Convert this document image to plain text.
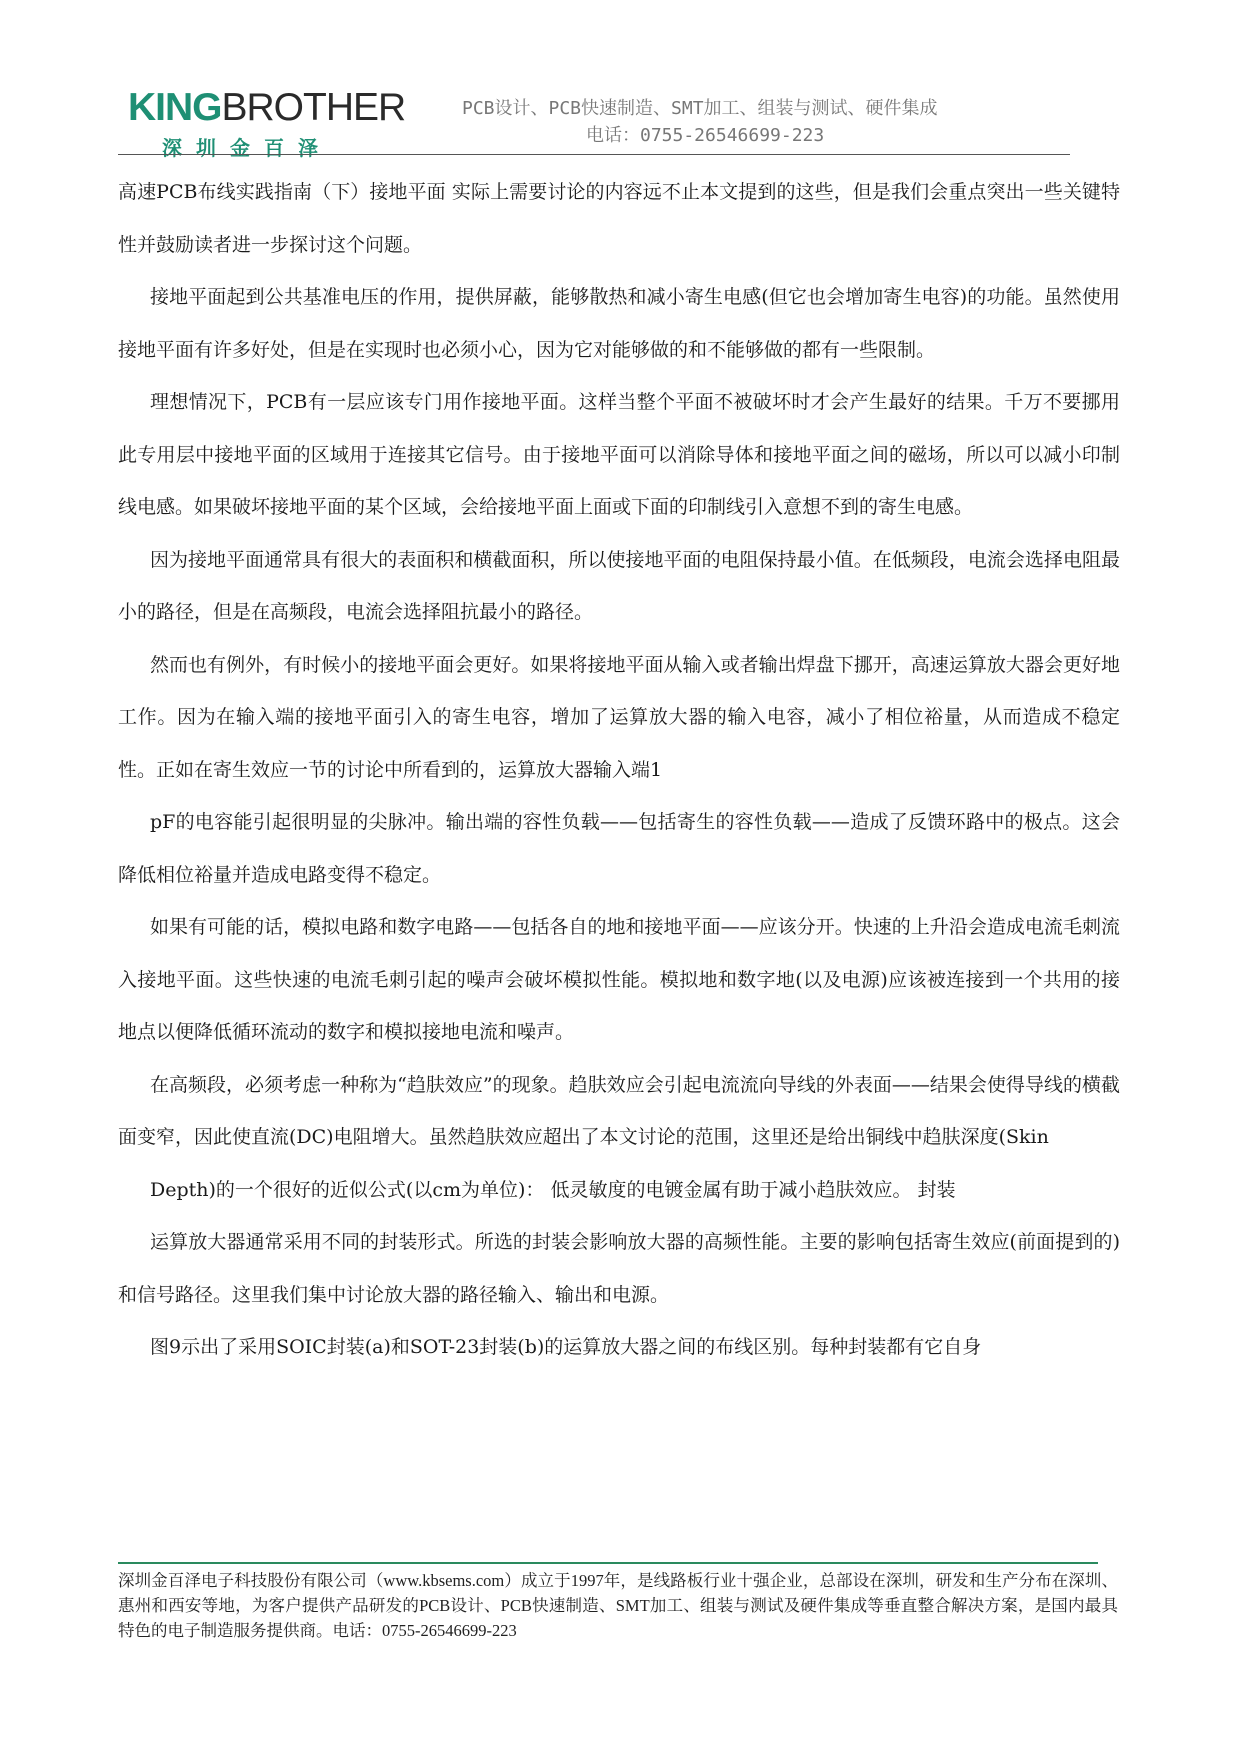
KINGBROTHER
深圳金百泽
PCB设计、PCB快速制造、SMT加工、组装与测试、硬件集成
电话：0755-26546699-223

高速PCB布线实践指南（下）接地平面 实际上需要讨论的内容远不止本文提到的这些，但是我们会重点突出一些关键特性并鼓励读者进一步探讨这个问题。

接地平面起到公共基准电压的作用，提供屏蔽，能够散热和减小寄生电感(但它也会增加寄生电容)的功能。虽然使用接地平面有许多好处，但是在实现时也必须小心，因为它对能够做的和不能够做的都有一些限制。

理想情况下，PCB有一层应该专门用作接地平面。这样当整个平面不被破坏时才会产生最好的结果。千万不要挪用此专用层中接地平面的区域用于连接其它信号。由于接地平面可以消除导体和接地平面之间的磁场，所以可以减小印制线电感。如果破坏接地平面的某个区域，会给接地平面上面或下面的印制线引入意想不到的寄生电感。

因为接地平面通常具有很大的表面积和横截面积，所以使接地平面的电阻保持最小值。在低频段，电流会选择电阻最小的路径，但是在高频段，电流会选择阻抗最小的路径。

然而也有例外，有时候小的接地平面会更好。如果将接地平面从输入或者输出焊盘下挪开，高速运算放大器会更好地工作。因为在输入端的接地平面引入的寄生电容，增加了运算放大器的输入电容，减小了相位裕量，从而造成不稳定性。正如在寄生效应一节的讨论中所看到的，运算放大器输入端1

pF的电容能引起很明显的尖脉冲。输出端的容性负载——包括寄生的容性负载——造成了反馈环路中的极点。这会降低相位裕量并造成电路变得不稳定。

如果有可能的话，模拟电路和数字电路——包括各自的地和接地平面——应该分开。快速的上升沿会造成电流毛刺流入接地平面。这些快速的电流毛刺引起的噪声会破坏模拟性能。模拟地和数字地(以及电源)应该被连接到一个共用的接地点以便降低循环流动的数字和模拟接地电流和噪声。

在高频段，必须考虑一种称为“趋肤效应”的现象。趋肤效应会引起电流流向导线的外表面——结果会使得导线的横截面变窄，因此使直流(DC)电阻增大。虽然趋肤效应超出了本文讨论的范围，这里还是给出铜线中趋肤深度(Skin

Depth)的一个很好的近似公式(以cm为单位)： 低灵敏度的电镀金属有助于减小趋肤效应。 封装

运算放大器通常采用不同的封装形式。所选的封装会影响放大器的高频性能。主要的影响包括寄生效应(前面提到的)和信号路径。这里我们集中讨论放大器的路径输入、输出和电源。

图9示出了采用SOIC封装(a)和SOT-23封装(b)的运算放大器之间的布线区别。每种封装都有它自身

深圳金百泽电子科技股份有限公司（www.kbsems.com）成立于1997年，是线路板行业十强企业，总部设在深圳，研发和生产分布在深圳、惠州和西安等地，为客户提供产品研发的PCB设计、PCB快速制造、SMT加工、组装与测试及硬件集成等垂直整合解决方案，是国内最具特色的电子制造服务提供商。电话：0755-26546699-223
